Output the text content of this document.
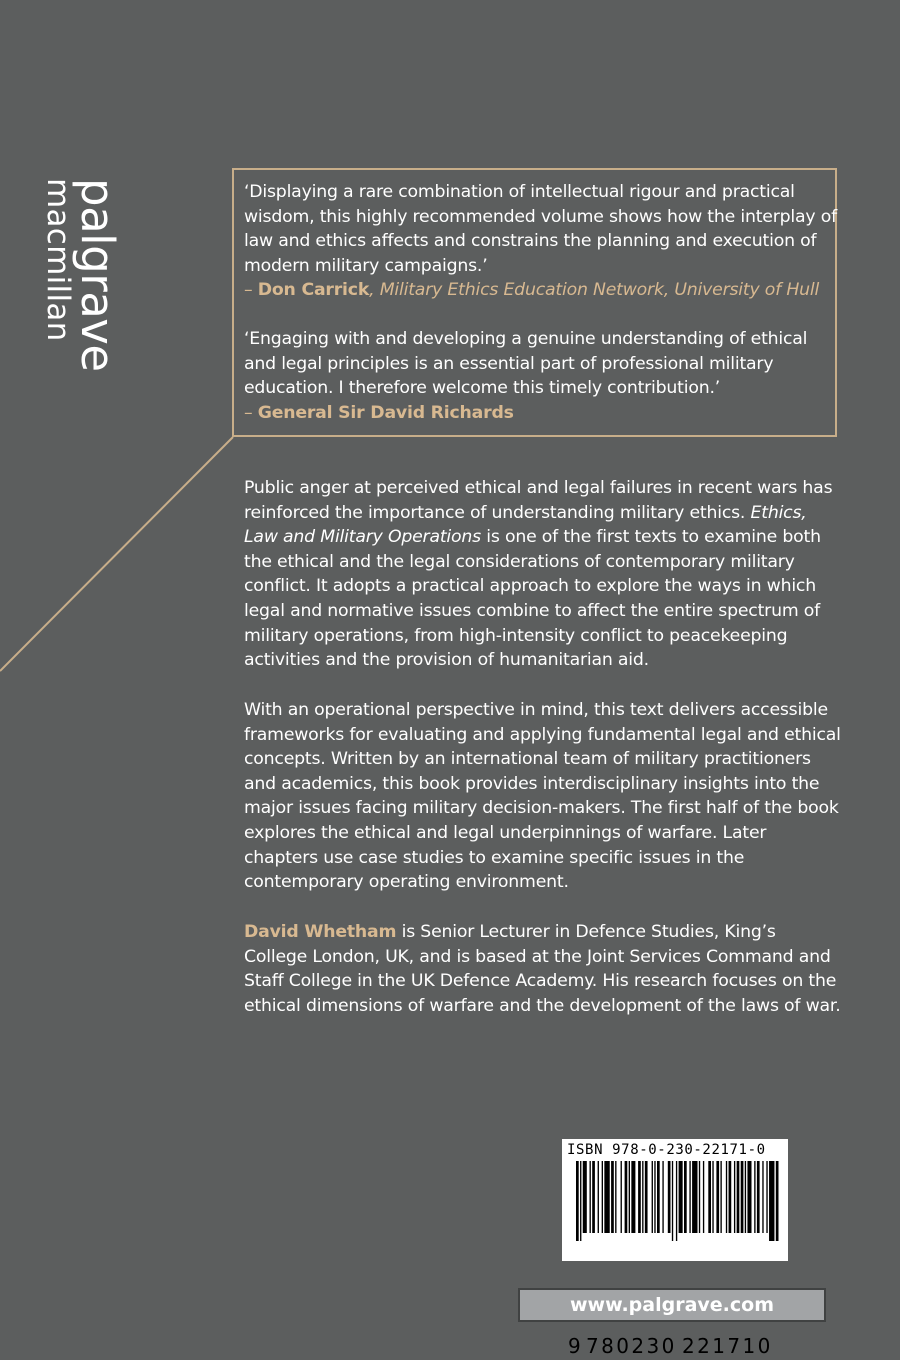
palgrave
macmillan	‘Displaying a rare combination of intellectual rigour and practical wisdom, this highly recommended volume shows how the interplay of law and ethics affects and constrains the planning and execution of modern military campaigns.’

– Don Carrick, Military Ethics Education Network, University of Hull

‘Engaging with and developing a genuine understanding of ethical and legal principles is an essential part of professional military education. I therefore welcome this timely contribution.’

– General Sir David Richards

Public anger at perceived ethical and legal failures in recent wars has reinforced the importance of understanding military ethics. Ethics, Law and Military Operations is one of the first texts to examine both the ethical and the legal considerations of contemporary military conflict. It adopts a practical approach to explore the ways in which legal and normative issues combine to affect the entire spectrum of military operations, from high-intensity conflict to peacekeeping activities and the provision of humanitarian aid.

With an operational perspective in mind, this text delivers accessible frameworks for evaluating and applying fundamental legal and ethical concepts. Written by an international team of military practitioners and academics, this book provides interdisciplinary insights into the major issues facing military decision-makers. The first half of the book explores the ethical and legal underpinnings of warfare. Later chapters use case studies to examine specific issues in the contemporary operating environment.

David Whetham is Senior Lecturer in Defence Studies, King’s College London, UK, and is based at the Joint Services Command and Staff College in the UK Defence Academy. His research focuses on the ethical dimensions of warfare and the development of the laws of war.

ISBN 978-0-230-22171-0
9 780230 221710
www.palgrave.com
